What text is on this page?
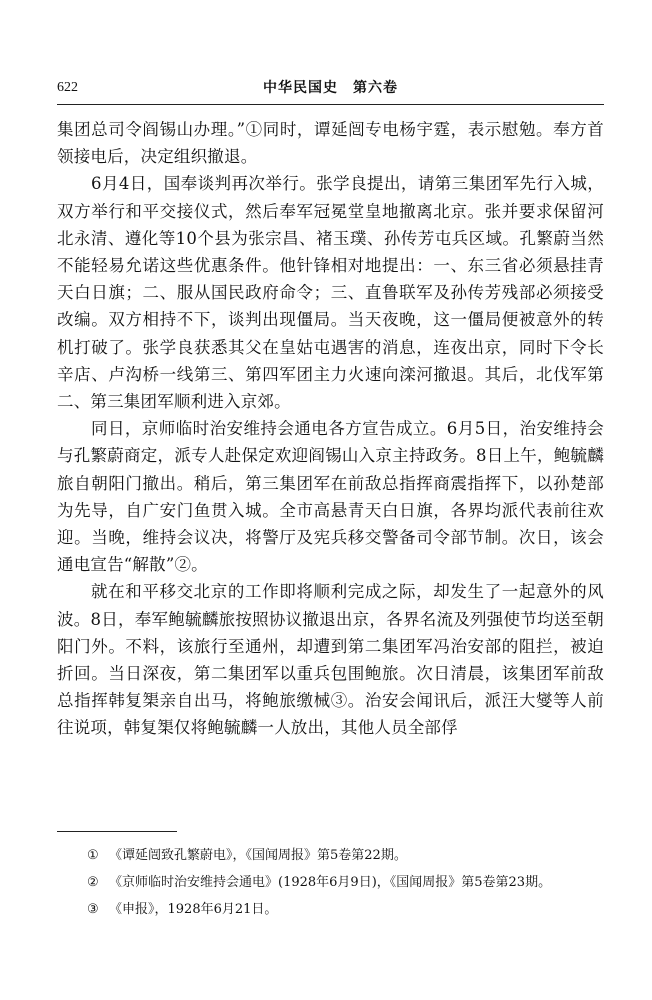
622	中华民国史　第六卷

集团总司令阎锡山办理。”①同时，谭延闿专电杨宇霆，表示慰勉。奉方首领接电后，决定组织撤退。

6月4日，国奉谈判再次举行。张学良提出，请第三集团军先行入城，双方举行和平交接仪式，然后奉军冠冕堂皇地撤离北京。张并要求保留河北永清、遵化等10个县为张宗昌、褚玉璞、孙传芳屯兵区域。孔繁蔚当然不能轻易允诺这些优惠条件。他针锋相对地提出：一、东三省必须悬挂青天白日旗；二、服从国民政府命令；三、直鲁联军及孙传芳残部必须接受改编。双方相持不下，谈判出现僵局。当天夜晚，这一僵局便被意外的转机打破了。张学良获悉其父在皇姑屯遇害的消息，连夜出京，同时下令长辛店、卢沟桥一线第三、第四军团主力火速向滦河撤退。其后，北伐军第二、第三集团军顺利进入京郊。

同日，京师临时治安维持会通电各方宣告成立。6月5日，治安维持会与孔繁蔚商定，派专人赴保定欢迎阎锡山入京主持政务。8日上午，鲍毓麟旅自朝阳门撤出。稍后，第三集团军在前敌总指挥商震指挥下，以孙楚部为先导，自广安门鱼贯入城。全市高悬青天白日旗，各界均派代表前往欢迎。当晚，维持会议决，将警厅及宪兵移交警备司令部节制。次日，该会通电宣告“解散”②。

就在和平移交北京的工作即将顺利完成之际，却发生了一起意外的风波。8日，奉军鲍毓麟旅按照协议撤退出京，各界名流及列强使节均送至朝阳门外。不料，该旅行至通州，却遭到第二集团军冯治安部的阻拦，被迫折回。当日深夜，第二集团军以重兵包围鲍旅。次日清晨，该集团军前敌总指挥韩复榘亲自出马，将鲍旅缴械③。治安会闻讯后，派汪大燮等人前往说项，韩复榘仅将鲍毓麟一人放出，其他人员全部俘

① 《谭延闿致孔繁蔚电》，《国闻周报》第5卷第22期。

② 《京师临时治安维持会通电》(1928年6月9日)，《国闻周报》第5卷第23期。

③ 《申报》，1928年6月21日。
